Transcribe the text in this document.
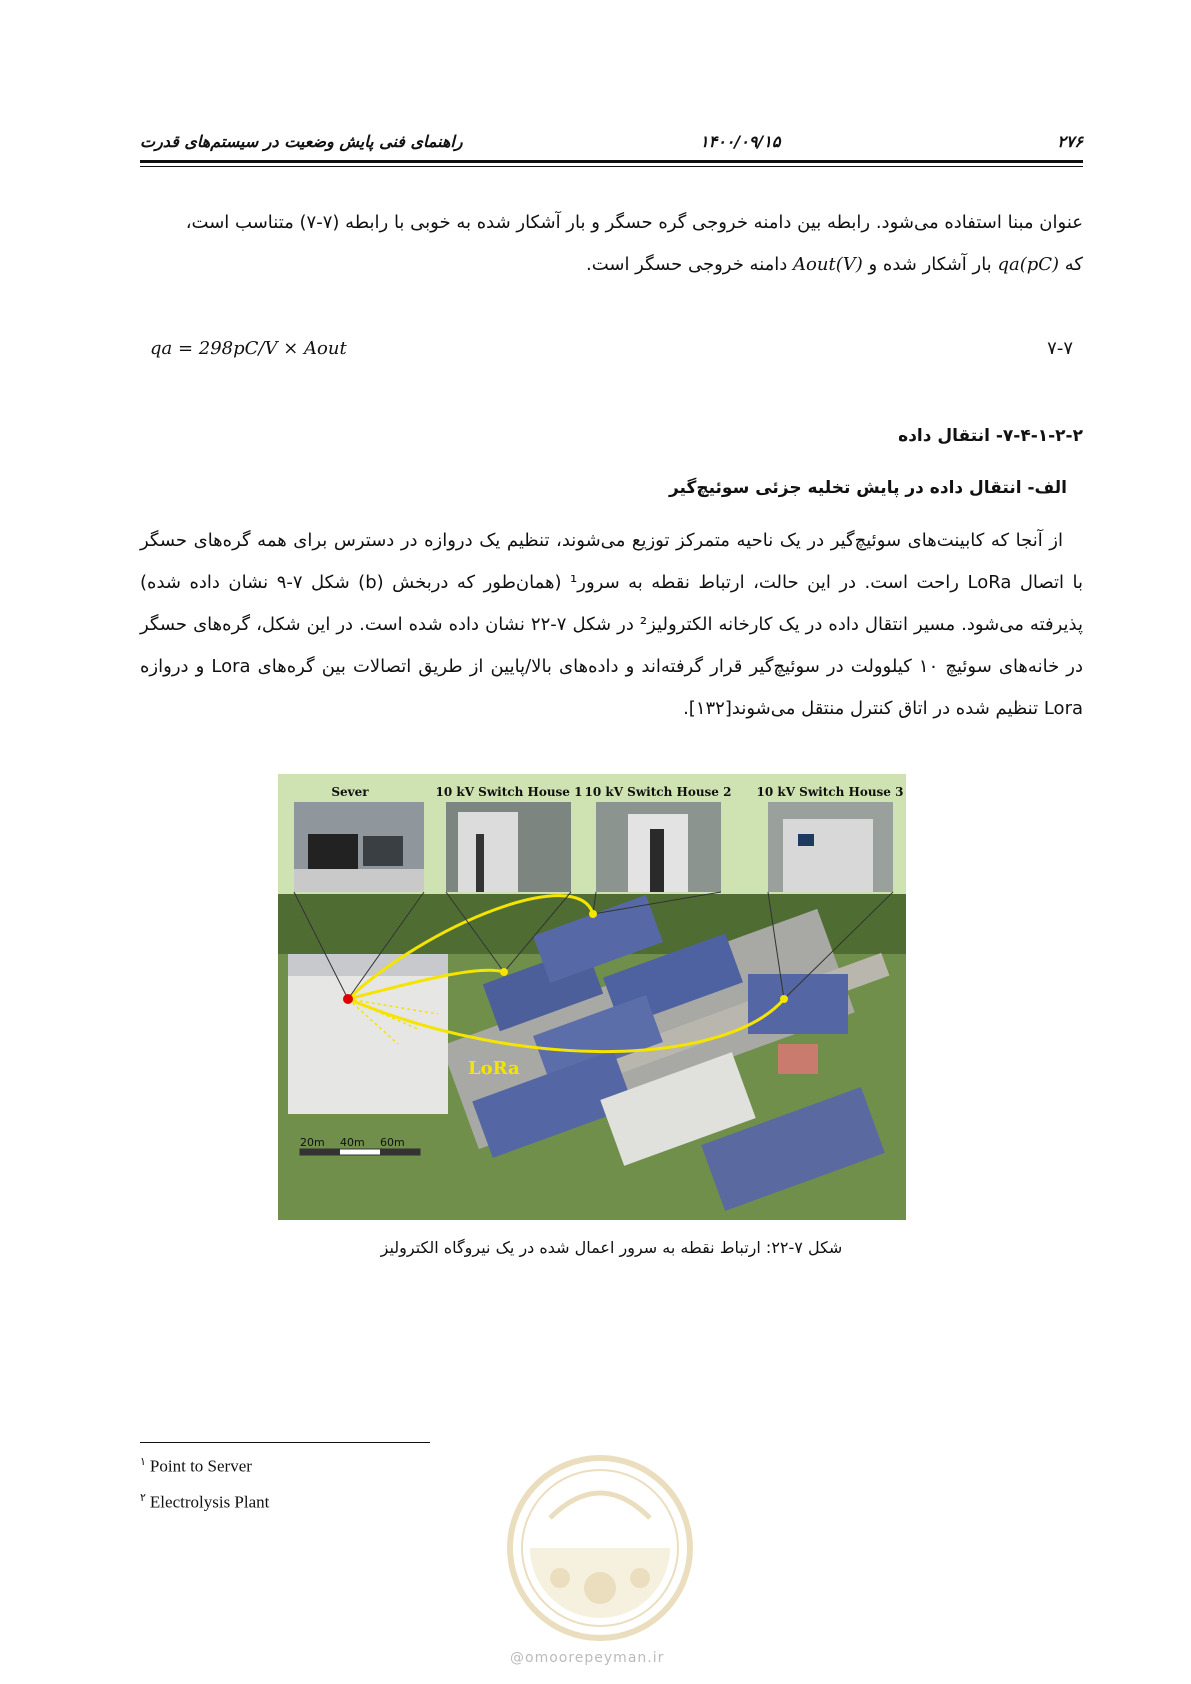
راهنمای فنی پایش وضعیت در سیستم‌های قدرت	۱۴۰۰/۰۹/۱۵	۲۷۶
عنوان مبنا استفاده می‌شود. رابطه بین دامنه خروجی گره حسگر و بار آشکار شده به خوبی با رابطه (۷-۷) متناسب است،
که qa(pC) بار آشکار شده و Aout(V) دامنه خروجی حسگر است.
qa = 298pC/V × Aout	۷-۷
۷-۴-۱-۲-۲- انتقال داده
الف- انتقال داده در پایش تخلیه جزئی سوئیچ‌گیر
از آنجا که کابینت‌های سوئیچ‌گیر در یک ناحیه متمرکز توزیع می‌شوند، تنظیم یک دروازه در دسترس برای همه گره‌های حسگر با اتصال LoRa راحت است. در این حالت، ارتباط نقطه به سرور¹ (همان‌طور که دربخش (b) شکل ۷-۹ نشان داده شده) پذیرفته می‌شود. مسیر انتقال داده در یک کارخانه الکترولیز² در شکل ۷-۲۲ نشان داده شده است. در این شکل، گره‌های حسگر در خانه‌های سوئیچ ۱۰ کیلوولت در سوئیچ‌گیر قرار گرفته‌اند و داده‌های بالا/پایین از طریق اتصالات بین گره‌های Lora و دروازه Lora تنظیم شده در اتاق کنترل منتقل می‌شوند[۱۳۲].
Sever	10 kV Switch House 1 10 kV Switch House 2 10 kV Switch House 3
LoRa
20m 40m 60m
شکل ۷-۲۲: ارتباط نقطه به سرور اعمال شده در یک نیروگاه الکترولیز
$^۱$ Point to Server
$^۲$ Electrolysis Plant
@omoorepeyman.ir
